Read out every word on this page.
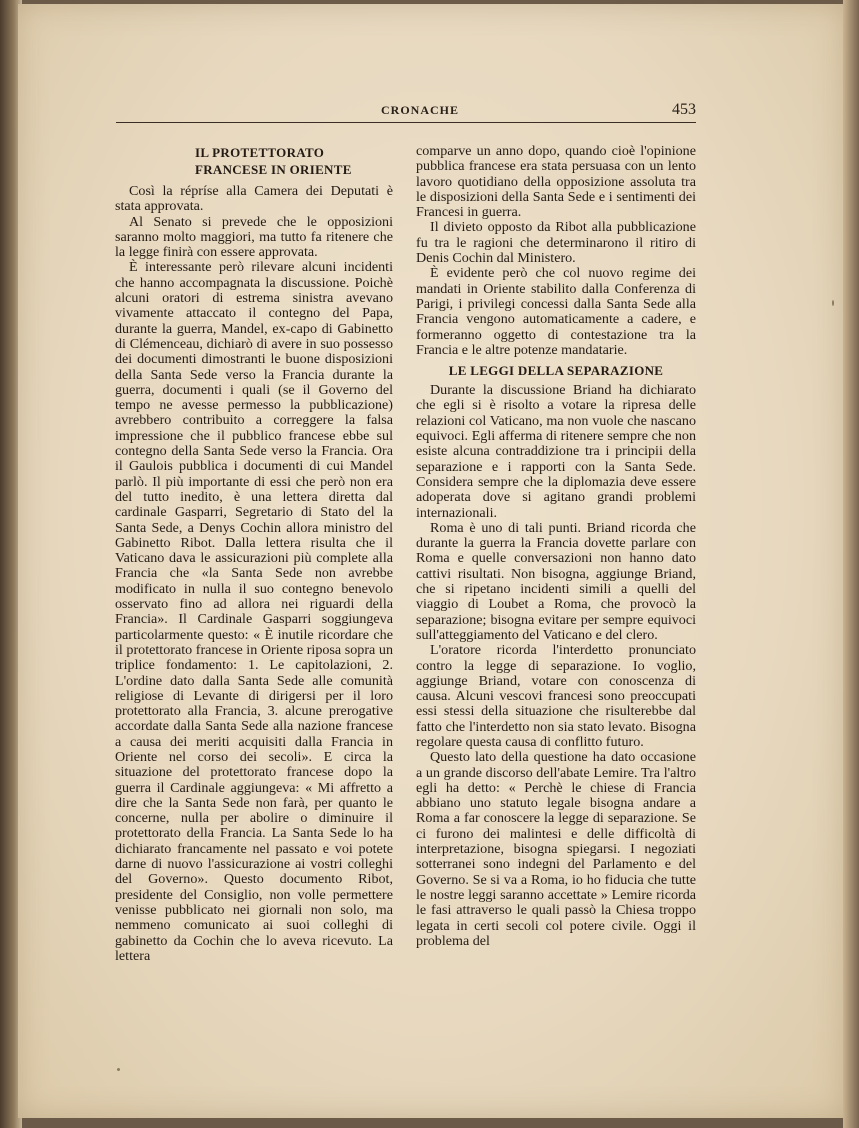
CRONACHE	453
IL PROTETTORATO FRANCESE IN ORIENTE

Così la répríse alla Camera dei Deputati è stata approvata.

Al Senato si prevede che le opposizioni saranno molto maggiori, ma tutto fa ritenere che la legge finirà con essere approvata.

È interessante però rilevare alcuni incidenti che hanno accompagnata la discussione. Poichè alcuni oratori di estrema sinistra avevano vivamente attaccato il contegno del Papa, durante la guerra, Mandel, ex-capo di Gabinetto di Clémenceau, dichiarò di avere in suo possesso dei documenti dimostranti le buone disposizioni della Santa Sede verso la Francia durante la guerra, documenti i quali (se il Governo del tempo ne avesse permesso la pubblicazione) avrebbero contribuito a correggere la falsa impressione che il pubblico francese ebbe sul contegno della Santa Sede verso la Francia. Ora il Gaulois pubblica i documenti di cui Mandel parlò. Il più importante di essi che però non era del tutto inedito, è una lettera diretta dal cardinale Gasparri, Segretario di Stato del la Santa Sede, a Denys Cochin allora ministro del Gabinetto Ribot. Dalla lettera risulta che il Vaticano dava le assicurazioni più complete alla Francia che «la Santa Sede non avrebbe modificato in nulla il suo contegno benevolo osservato fino ad allora nei riguardi della Francia». Il Cardinale Gasparri soggiungeva particolarmente questo: « È inutile ricordare che il protettorato francese in Oriente riposa sopra un triplice fondamento: 1. Le capitolazioni, 2. L'ordine dato dalla Santa Sede alle comunità religiose di Levante di dirigersi per il loro protettorato alla Francia, 3. alcune prerogative accordate dalla Santa Sede alla nazione francese a causa dei meriti acquisiti dalla Francia in Oriente nel corso dei secoli». E circa la situazione del protettorato francese dopo la guerra il Cardinale aggiungeva: « Mi affretto a dire che la Santa Sede non farà, per quanto le concerne, nulla per abolire o diminuire il protettorato della Francia. La Santa Sede lo ha dichiarato francamente nel passato e voi potete darne di nuovo l'assicurazione ai vostri colleghi del Governo». Questo documento Ribot, presidente del Consiglio, non volle permettere venisse pubblicato nei giornali non solo, ma nemmeno comunicato ai suoi colleghi di gabinetto da Cochin che lo aveva ricevuto. La lettera

comparve un anno dopo, quando cioè l'opinione pubblica francese era stata persuasa con un lento lavoro quotidiano della opposizione assoluta tra le disposizioni della Santa Sede e i sentimenti dei Francesi in guerra.

Il divieto opposto da Ribot alla pubblicazione fu tra le ragioni che determinarono il ritiro di Denis Cochin dal Ministero.

È evidente però che col nuovo regime dei mandati in Oriente stabilito dalla Conferenza di Parigi, i privilegi concessi dalla Santa Sede alla Francia vengono automaticamente a cadere, e formeranno oggetto di contestazione tra la Francia e le altre potenze mandatarie.

LE LEGGI DELLA SEPARAZIONE

Durante la discussione Briand ha dichiarato che egli si è risolto a votare la ripresa delle relazioni col Vaticano, ma non vuole che nascano equivoci. Egli afferma di ritenere sempre che non esiste alcuna contraddizione tra i principii della separazione e i rapporti con la Santa Sede. Considera sempre che la diplomazia deve essere adoperata dove si agitano grandi problemi internazionali.

Roma è uno di tali punti. Briand ricorda che durante la guerra la Francia dovette parlare con Roma e quelle conversazioni non hanno dato cattivi risultati. Non bisogna, aggiunge Briand, che si ripetano incidenti simili a quelli del viaggio di Loubet a Roma, che provocò la separazione; bisogna evitare per sempre equivoci sull'atteggiamento del Vaticano e del clero.

L'oratore ricorda l'interdetto pronunciato contro la legge di separazione. Io voglio, aggiunge Briand, votare con conoscenza di causa. Alcuni vescovi francesi sono preoccupati essi stessi della situazione che risulterebbe dal fatto che l'interdetto non sia stato levato. Bisogna regolare questa causa di conflitto futuro.

Questo lato della questione ha dato occasione a un grande discorso dell'abate Lemire. Tra l'altro egli ha detto: « Perchè le chiese di Francia abbiano uno statuto legale bisogna andare a Roma a far conoscere la legge di separazione. Se ci furono dei malintesi e delle difficoltà di interpretazione, bisogna spiegarsi. I negoziati sotterranei sono indegni del Parlamento e del Governo. Se si va a Roma, io ho fiducia che tutte le nostre leggi saranno accettate » Lemire ricorda le fasi attraverso le quali passò la Chiesa troppo legata in certi secoli col potere civile. Oggi il problema del
